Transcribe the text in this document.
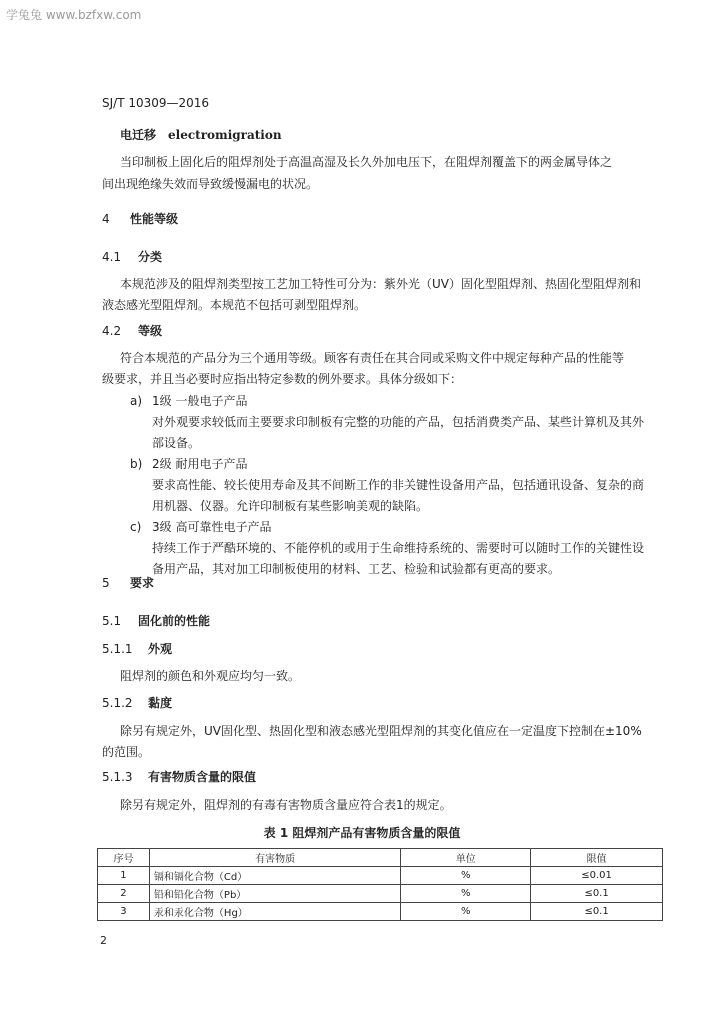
学兔兔 www.bzfxw.com
SJ/T 10309—2016
电迁移 electromigration
当印制板上固化后的阻焊剂处于高温高湿及长久外加电压下，在阻焊剂覆盖下的两金属导体之
间出现绝缘失效而导致缓慢漏电的状况。
4 性能等级
4.1 分类
本规范涉及的阻焊剂类型按工艺加工特性可分为：紫外光（UV）固化型阻焊剂、热固化型阻焊剂和
液态感光型阻焊剂。本规范不包括可剥型阻焊剂。
4.2 等级
符合本规范的产品分为三个通用等级。顾客有责任在其合同或采购文件中规定每种产品的性能等
级要求，并且当必要时应指出特定参数的例外要求。具体分级如下：
a) 1级 一般电子产品
对外观要求较低而主要要求印制板有完整的功能的产品，包括消费类产品、某些计算机及其外
部设备。
b) 2级 耐用电子产品
要求高性能、较长使用寿命及其不间断工作的非关键性设备用产品，包括通讯设备、复杂的商
用机器、仪器。允许印制板有某些影响美观的缺陷。
c) 3级 高可靠性电子产品
持续工作于严酷环境的、不能停机的或用于生命维持系统的、需要时可以随时工作的关键性设
备用产品，其对加工印制板使用的材料、工艺、检验和试验都有更高的要求。
5 要求
5.1 固化前的性能
5.1.1 外观
阻焊剂的颜色和外观应均匀一致。
5.1.2 黏度
除另有规定外，UV固化型、热固化型和液态感光型阻焊剂的其变化值应在一定温度下控制在±10%
的范围。
5.1.3 有害物质含量的限值
除另有规定外，阻焊剂的有毒有害物质含量应符合表1的规定。
表 1 阻焊剂产品有害物质含量的限值
序号	有害物质	单位	限值
1	镉和镉化合物（Cd）	%	≤0.01
2	铅和铅化合物（Pb）	%	≤0.1
3	汞和汞化合物（Hg）	%	≤0.1
2
